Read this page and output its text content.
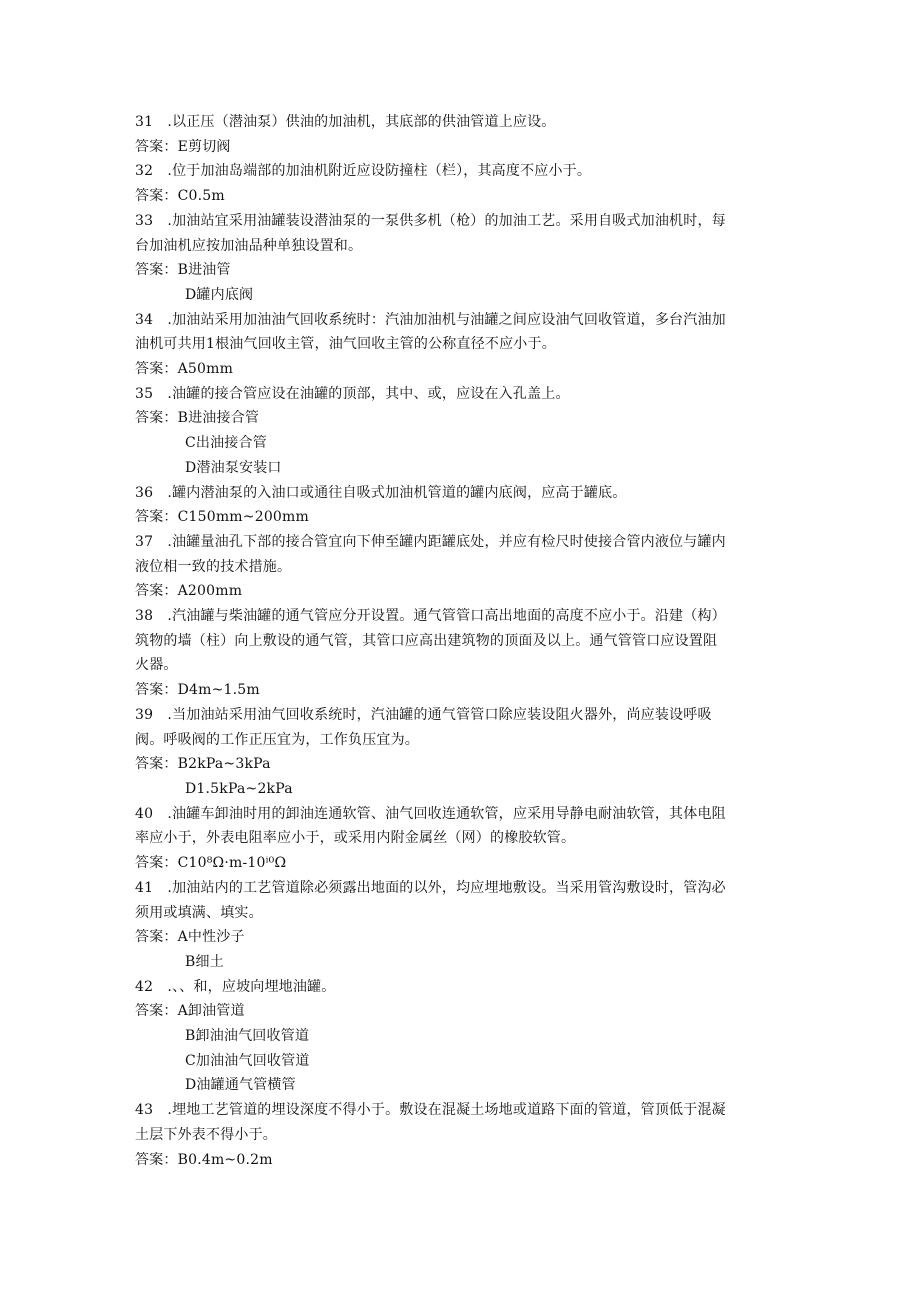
31　.以正压（潜油泵）供油的加油机，其底部的供油管道上应设。
答案：E剪切阀
32　.位于加油岛端部的加油机附近应设防撞柱（栏），其高度不应小于。
答案：C0.5m
33　.加油站宜采用油罐装设潜油泵的一泵供多机（枪）的加油工艺。采用自吸式加油机时，每
台加油机应按加油品种单独设置和。
答案：B进油管
D罐内底阀
34　.加油站采用加油油气回收系统时：汽油加油机与油罐之间应设油气回收管道，多台汽油加
油机可共用1根油气回收主管，油气回收主管的公称直径不应小于。
答案：A50mm
35　.油罐的接合管应设在油罐的顶部，其中、或，应设在入孔盖上。
答案：B进油接合管
C出油接合管
D潜油泵安装口
36　.罐内潜油泵的入油口或通往自吸式加油机管道的罐内底阀，应高于罐底。
答案：C150mm~200mm
37　.油罐量油孔下部的接合管宜向下伸至罐内距罐底处，并应有检尺时使接合管内液位与罐内
液位相一致的技术措施。
答案：A200mm
38　.汽油罐与柴油罐的通气管应分开设置。通气管管口高出地面的高度不应小于。沿建（构）
筑物的墙（柱）向上敷设的通气管，其管口应高出建筑物的顶面及以上。通气管管口应设置阻
火器。
答案：D4m~1.5m
39　.当加油站采用油气回收系统时，汽油罐的通气管管口除应装设阻火器外，尚应装设呼吸
阀。呼吸阀的工作正压宜为，工作负压宜为。
答案：B2kPa~3kPa
D1.5kPa~2kPa
40　.油罐车卸油时用的卸油连通软管、油气回收连通软管，应采用导静电耐油软管，其体电阻
率应小于，外表电阻率应小于，或采用内附金属丝（网）的橡胶软管。
答案：C10⁸Ω·m-10ⁱ⁰Ω
41　.加油站内的工艺管道除必须露出地面的以外，均应埋地敷设。当采用管沟敷设时，管沟必
须用或填满、填实。
答案：A中性沙子
B细土
42　.、、和，应坡向埋地油罐。
答案：A卸油管道
B卸油油气回收管道
C加油油气回收管道
D油罐通气管横管
43　.埋地工艺管道的埋设深度不得小于。敷设在混凝土场地或道路下面的管道，管顶低于混凝
土层下外表不得小于。
答案：B0.4m~0.2m
